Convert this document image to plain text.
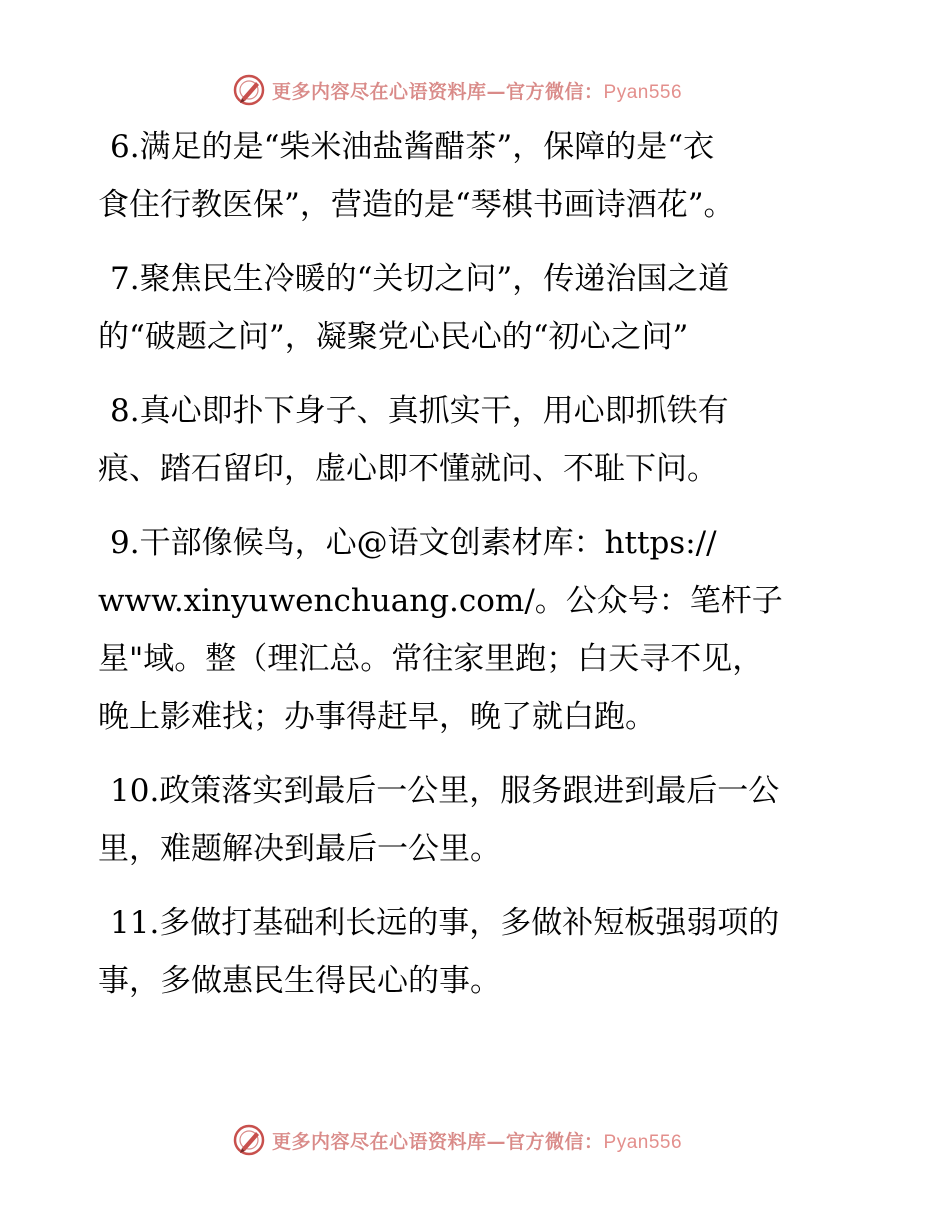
更多内容尽在心语资料库—官方微信：Pyan556
6.满足的是“柴米油盐酱醋茶”，保障的是“衣
食住行教医保”，营造的是“琴棋书画诗酒花”。
7.聚焦民生冷暖的“关切之问”，传递治国之道
的“破题之问”，凝聚党心民心的“初心之问”
8.真心即扑下身子、真抓实干，用心即抓铁有
痕、踏石留印，虚心即不懂就问、不耻下问。
9.干部像候鸟，心@语文创素材库：https://
www.xinyuwenchuang.com/。公众号：笔杆子
星"域。整（理汇总。常往家里跑；白天寻不见，
晚上影难找；办事得赶早，晚了就白跑。
10.政策落实到最后一公里，服务跟进到最后一公
里，难题解决到最后一公里。
11.多做打基础利长远的事，多做补短板强弱项的
事，多做惠民生得民心的事。
更多内容尽在心语资料库—官方微信：Pyan556
